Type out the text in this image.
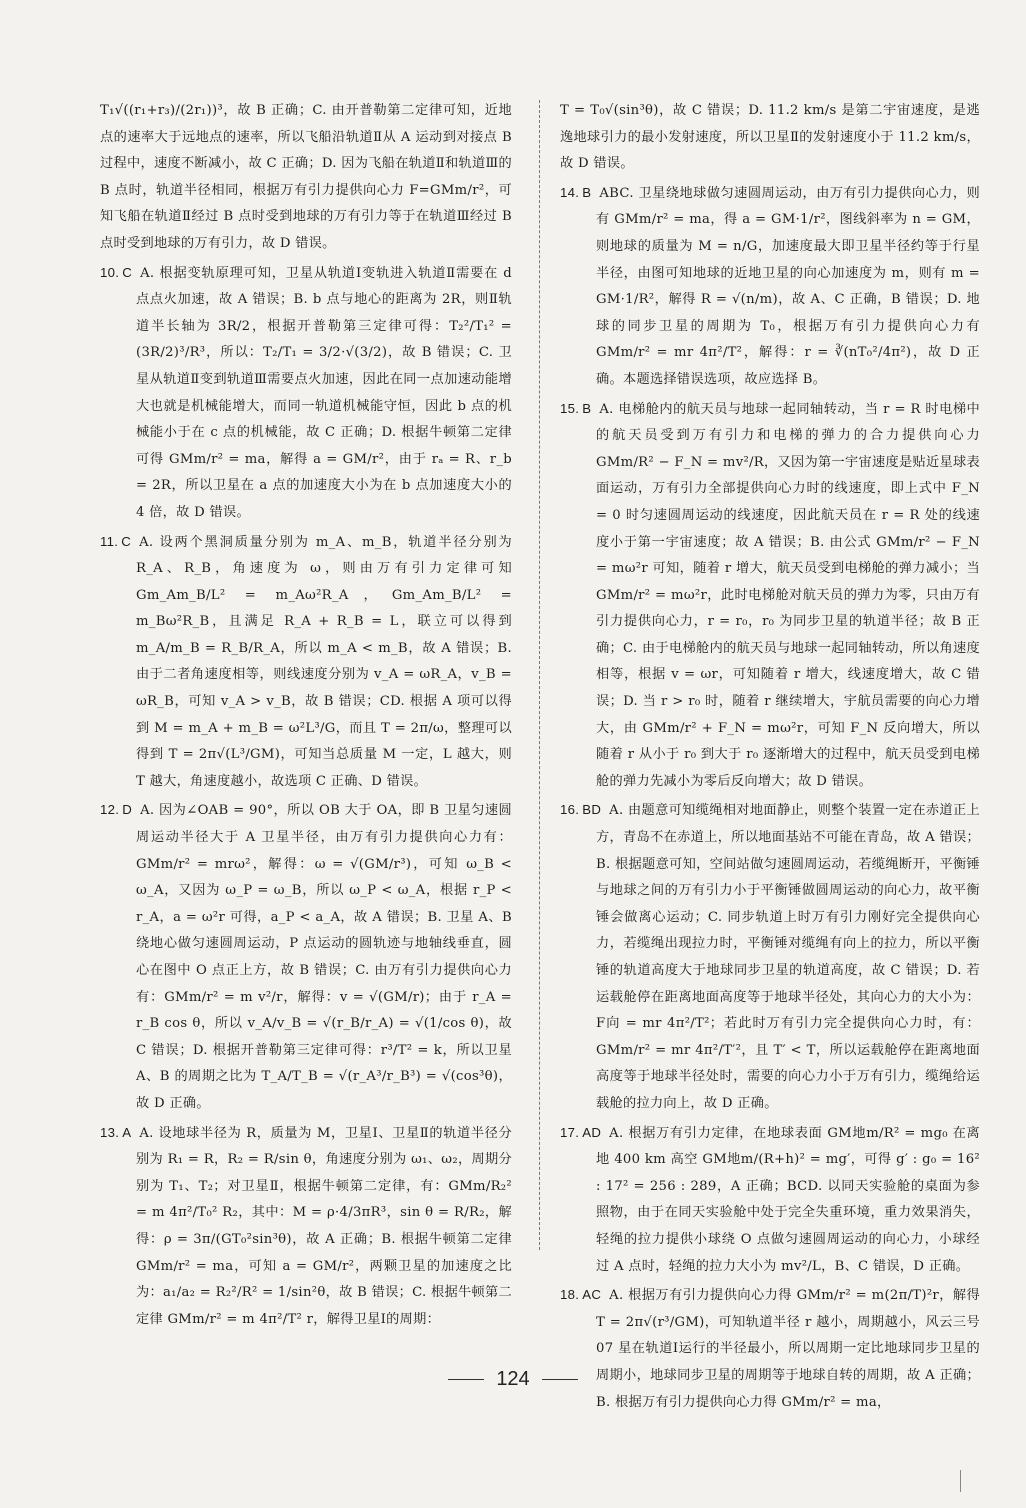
T₁√((r₁+r₃)/(2r₁))³，故 B 正确；C. 由开普勒第二定律可知，近地点的速率大于远地点的速率，所以飞船沿轨道Ⅱ从 A 运动到对接点 B 过程中，速度不断减小，故 C 正确；D. 因为飞船在轨道Ⅱ和轨道Ⅲ的 B 点时，轨道半径相同，根据万有引力提供向心力 F=GMm/r²，可知飞船在轨道Ⅱ经过 B 点时受到地球的万有引力等于在轨道Ⅲ经过 B 点时受到地球的万有引力，故 D 错误。

10. C A. 根据变轨原理可知，卫星从轨道Ⅰ变轨进入轨道Ⅱ需要在 d 点点火加速，故 A 错误；B. b 点与地心的距离为 2R，则Ⅱ轨道半长轴为 3R/2，根据开普勒第三定律可得：T₂²/T₁² = (3R/2)³/R³，所以：T₂/T₁ = 3/2·√(3/2)，故 B 错误；C. 卫星从轨道Ⅱ变到轨道Ⅲ需要点火加速，因此在同一点加速动能增大也就是机械能增大，而同一轨道机械能守恒，因此 b 点的机械能小于在 c 点的机械能，故 C 正确；D. 根据牛顿第二定律可得 GMm/r² = ma，解得 a = GM/r²，由于 rₐ = R、r_b = 2R，所以卫星在 a 点的加速度大小为在 b 点加速度大小的 4 倍，故 D 错误。

11. C A. 设两个黑洞质量分别为 m_A、m_B，轨道半径分别为 R_A、R_B，角速度为 ω，则由万有引力定律可知 Gm_Am_B/L² = m_Aω²R_A，Gm_Am_B/L² = m_Bω²R_B，且满足 R_A + R_B = L，联立可以得到 m_A/m_B = R_B/R_A，所以 m_A < m_B，故 A 错误；B. 由于二者角速度相等，则线速度分别为 v_A = ωR_A，v_B = ωR_B，可知 v_A > v_B，故 B 错误；CD. 根据 A 项可以得到 M = m_A + m_B = ω²L³/G，而且 T = 2π/ω，整理可以得到 T = 2π√(L³/GM)，可知当总质量 M 一定，L 越大，则 T 越大，角速度越小，故选项 C 正确、D 错误。

12. D A. 因为∠OAB = 90°，所以 OB 大于 OA，即 B 卫星匀速圆周运动半径大于 A 卫星半径，由万有引力提供向心力有：GMm/r² = mrω²，解得：ω = √(GM/r³)，可知 ω_B < ω_A，又因为 ω_P = ω_B，所以 ω_P < ω_A，根据 r_P < r_A，a = ω²r 可得，a_P < a_A，故 A 错误；B. 卫星 A、B 绕地心做匀速圆周运动，P 点运动的圆轨迹与地轴线垂直，圆心在图中 O 点正上方，故 B 错误；C. 由万有引力提供向心力有：GMm/r² = m v²/r，解得：v = √(GM/r)；由于 r_A = r_B cos θ，所以 v_A/v_B = √(r_B/r_A) = √(1/cos θ)，故 C 错误；D. 根据开普勒第三定律可得：r³/T² = k，所以卫星 A、B 的周期之比为 T_A/T_B = √(r_A³/r_B³) = √(cos³θ)，故 D 正确。

13. A A. 设地球半径为 R，质量为 M，卫星Ⅰ、卫星Ⅱ的轨道半径分别为 R₁ = R，R₂ = R/sin θ，角速度分别为 ω₁、ω₂，周期分别为 T₁、T₂；对卫星Ⅱ，根据牛顿第二定律，有：GMm/R₂² = m 4π²/T₀² R₂，其中：M = ρ·4/3πR³，sin θ = R/R₂，解得：ρ = 3π/(GT₀²sin³θ)，故 A 正确；B. 根据牛顿第二定律 GMm/r² = ma，可知 a = GM/r²，两颗卫星的加速度之比为：a₁/a₂ = R₂²/R² = 1/sin²θ，故 B 错误；C. 根据牛顿第二定律 GMm/r² = m 4π²/T² r，解得卫星Ⅰ的周期：

T = T₀√(sin³θ)，故 C 错误；D. 11.2 km/s 是第二宇宙速度，是逃逸地球引力的最小发射速度，所以卫星Ⅱ的发射速度小于 11.2 km/s，故 D 错误。

14. B ABC. 卫星绕地球做匀速圆周运动，由万有引力提供向心力，则有 GMm/r² = ma，得 a = GM·1/r²，图线斜率为 n = GM，则地球的质量为 M = n/G，加速度最大即卫星半径约等于行星半径，由图可知地球的近地卫星的向心加速度为 m，则有 m = GM·1/R²，解得 R = √(n/m)，故 A、C 正确，B 错误；D. 地球的同步卫星的周期为 T₀，根据万有引力提供向心力有 GMm/r² = mr 4π²/T²，解得：r = ∛(nT₀²/4π²)，故 D 正确。本题选择错误选项，故应选择 B。

15. B A. 电梯舱内的航天员与地球一起同轴转动，当 r = R 时电梯中的航天员受到万有引力和电梯的弹力的合力提供向心力 GMm/R² − F_N = mv²/R，又因为第一宇宙速度是贴近星球表面运动，万有引力全部提供向心力时的线速度，即上式中 F_N = 0 时匀速圆周运动的线速度，因此航天员在 r = R 处的线速度小于第一宇宙速度；故 A 错误；B. 由公式 GMm/r² − F_N = mω²r 可知，随着 r 增大，航天员受到电梯舱的弹力减小；当 GMm/r² = mω²r，此时电梯舱对航天员的弹力为零，只由万有引力提供向心力，r = r₀，r₀ 为同步卫星的轨道半径；故 B 正确；C. 由于电梯舱内的航天员与地球一起同轴转动，所以角速度相等，根据 v = ωr，可知随着 r 增大，线速度增大，故 C 错误；D. 当 r > r₀ 时，随着 r 继续增大，宇航员需要的向心力增大，由 GMm/r² + F_N = mω²r，可知 F_N 反向增大，所以随着 r 从小于 r₀ 到大于 r₀ 逐渐增大的过程中，航天员受到电梯舱的弹力先减小为零后反向增大；故 D 错误。

16. BD A. 由题意可知缆绳相对地面静止，则整个装置一定在赤道正上方，青岛不在赤道上，所以地面基站不可能在青岛，故 A 错误；B. 根据题意可知，空间站做匀速圆周运动，若缆绳断开，平衡锤与地球之间的万有引力小于平衡锤做圆周运动的向心力，故平衡锤会做离心运动；C. 同步轨道上时万有引力刚好完全提供向心力，若缆绳出现拉力时，平衡锤对缆绳有向上的拉力，所以平衡锤的轨道高度大于地球同步卫星的轨道高度，故 C 错误；D. 若运载舱停在距离地面高度等于地球半径处，其向心力的大小为：F向 = mr 4π²/T²；若此时万有引力完全提供向心力时，有：GMm/r² = mr 4π²/T′²，且 T′ < T，所以运载舱停在距离地面高度等于地球半径处时，需要的向心力小于万有引力，缆绳给运载舱的拉力向上，故 D 正确。

17. AD A. 根据万有引力定律，在地球表面 GM地m/R² = mg₀ 在离地 400 km 高空 GM地m/(R+h)² = mg′，可得 g′ : g₀ = 16² : 17² = 256 : 289，A 正确；BCD. 以同天实验舱的桌面为参照物，由于在同天实验舱中处于完全失重环境，重力效果消失，轻绳的拉力提供小球绕 O 点做匀速圆周运动的向心力，小球经过 A 点时，轻绳的拉力大小为 mv²/L，B、C 错误，D 正确。

18. AC A. 根据万有引力提供向心力得 GMm/r² = m(2π/T)²r，解得 T = 2π√(r³/GM)，可知轨道半径 r 越小，周期越小，风云三号 07 星在轨道Ⅰ运行的半径最小，所以周期一定比地球同步卫星的周期小，地球同步卫星的周期等于地球自转的周期，故 A 正确；B. 根据万有引力提供向心力得 GMm/r² = ma，

124
